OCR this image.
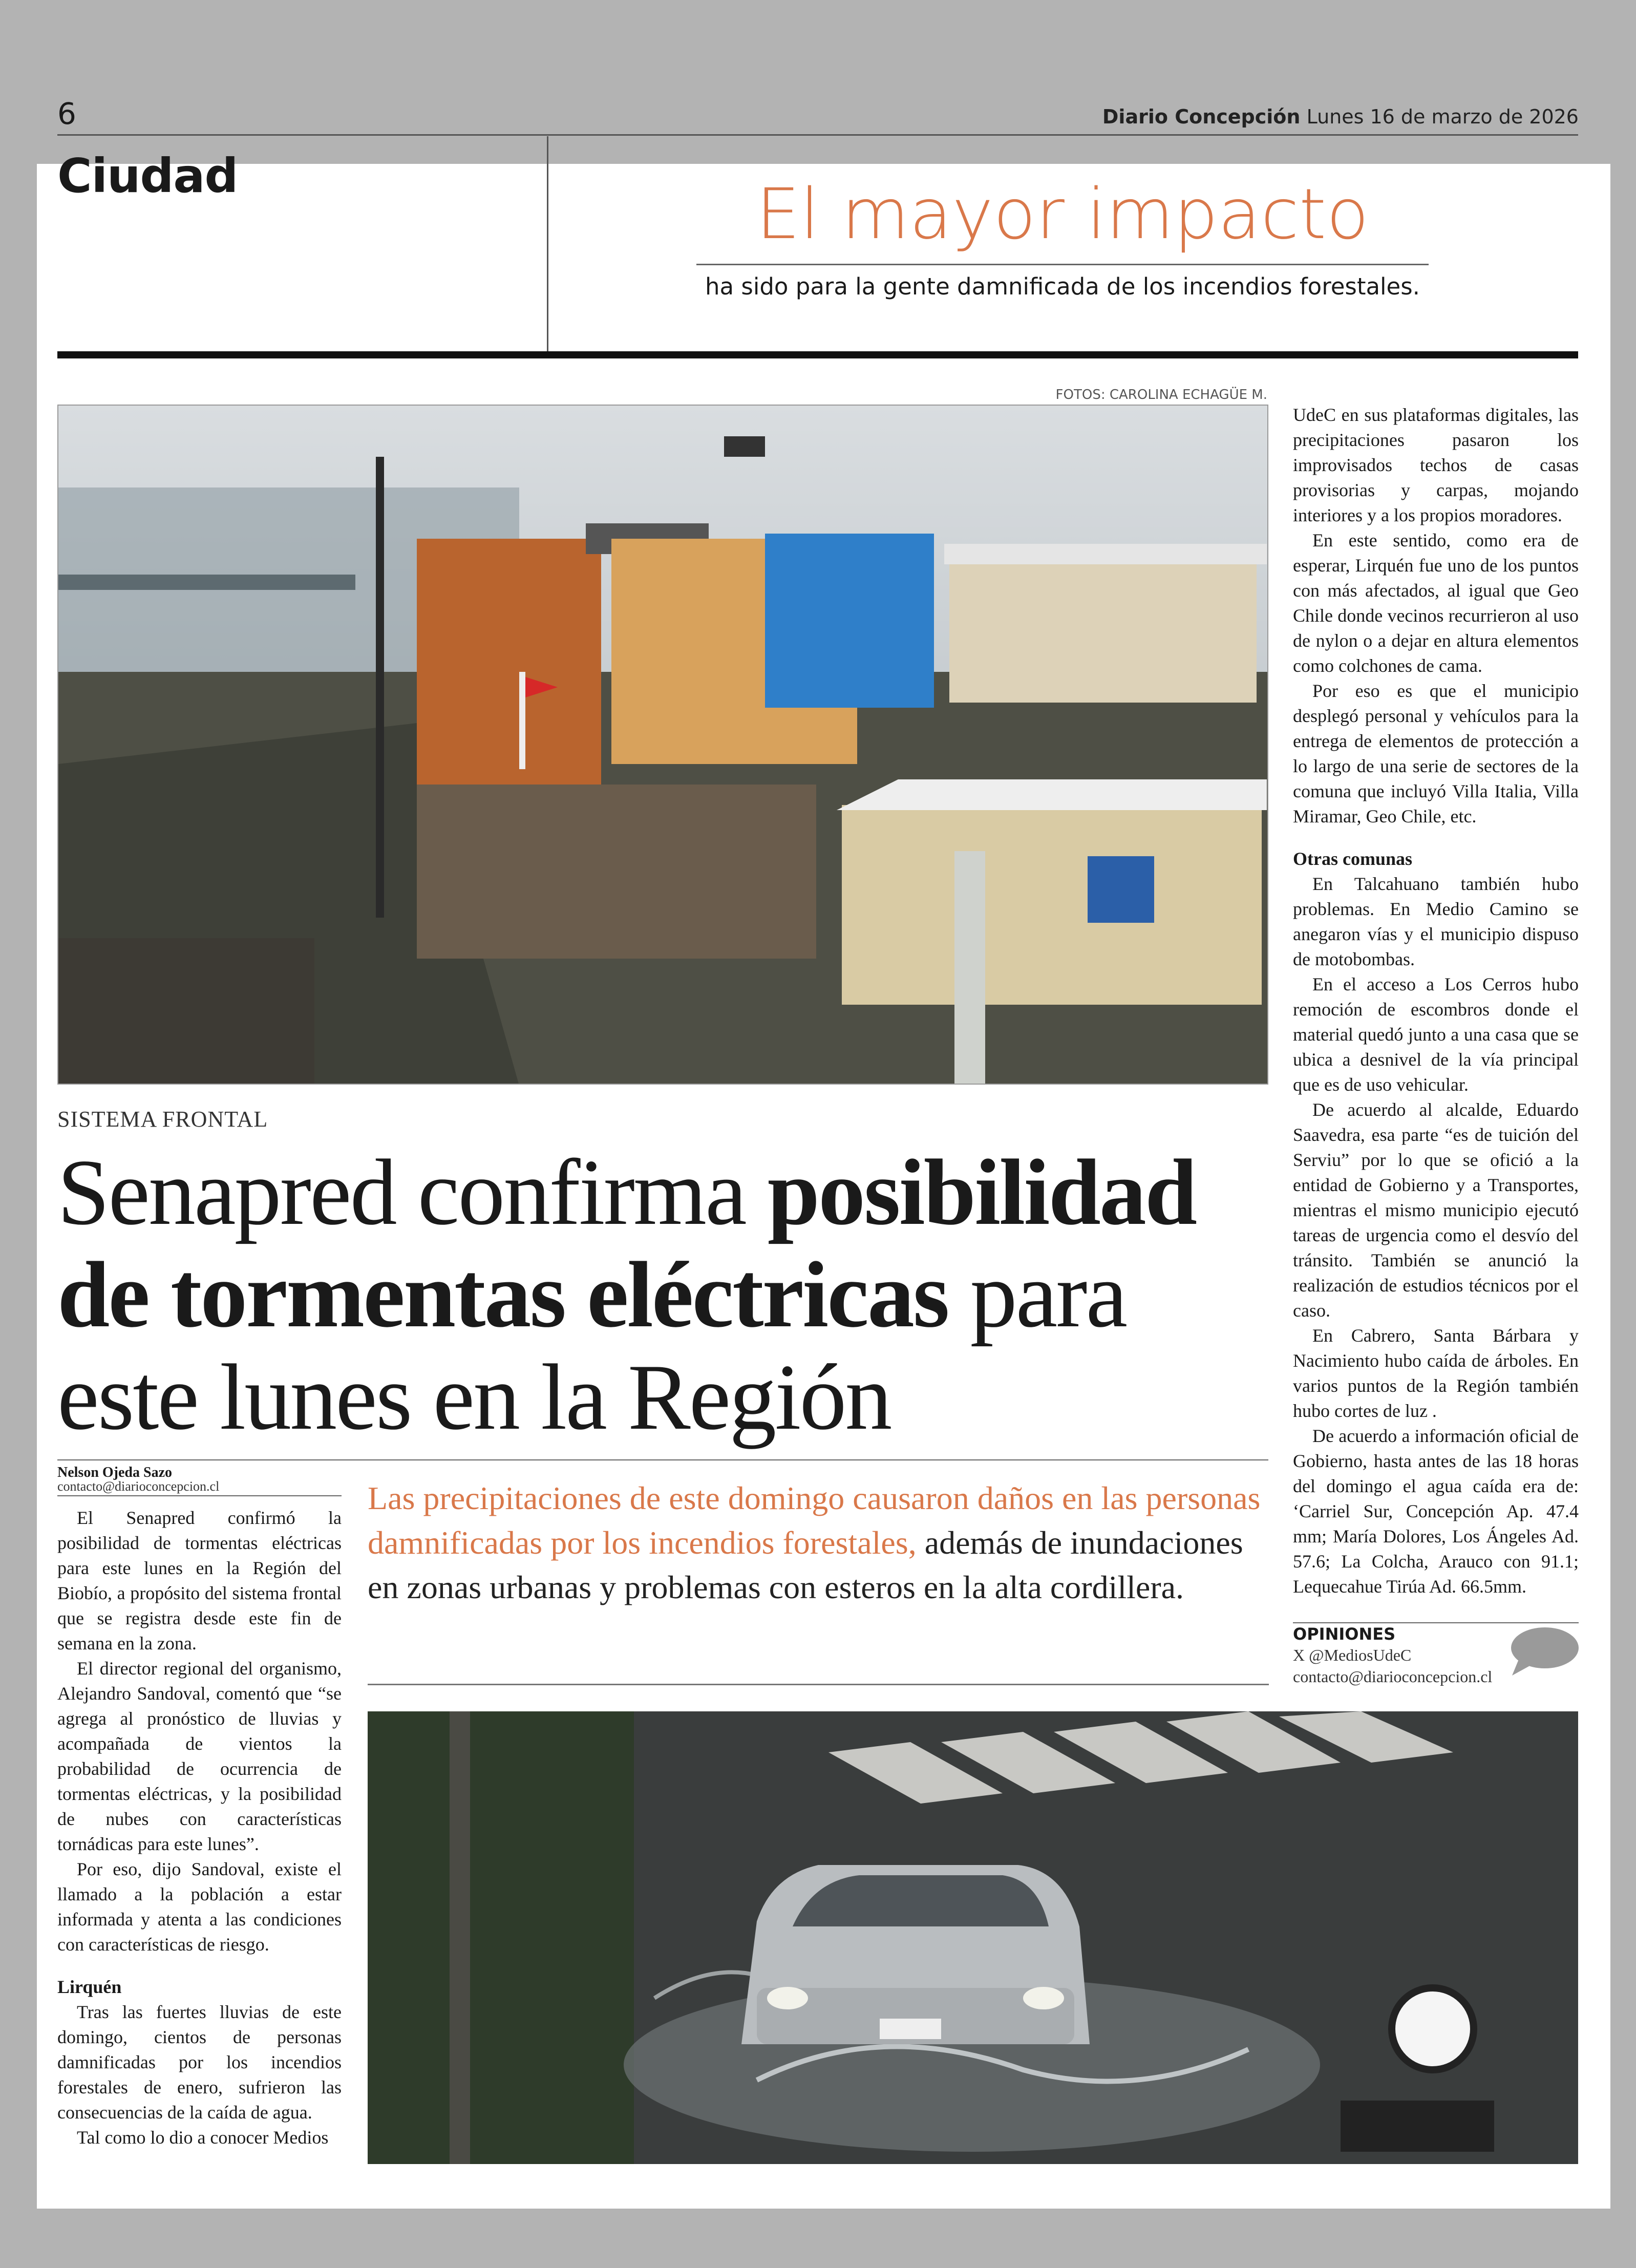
6	Diario Concepción Lunes 16 de marzo de 2026
Ciudad	El mayor impacto
ha sido para la gente damnificada de los incendios forestales.
FOTOS: CAROLINA ECHAGÜE M.
SISTEMA FRONTAL
Senapred confirma posibilidad de tormentas eléctricas para este lunes en la Región
Nelson Ojeda Sazo
contacto@diarioconcepcion.cl

El Senapred confirmó la posibilidad de tormentas eléctricas para este lunes en la Región del Biobío, a propósito del sistema frontal que se registra desde este fin de semana en la zona.

El director regional del organismo, Alejandro Sandoval, comentó que “se agrega al pronóstico de lluvias y acompañada de vientos la probabilidad de ocurrencia de tormentas eléctricas, y la posibilidad de nubes con características tornádicas para este lunes”.

Por eso, dijo Sandoval, existe el llamado a la población a estar informada y atenta a las condiciones con características de riesgo.

Lirquén

Tras las fuertes lluvias de este domingo, cientos de personas damnificadas por los incendios forestales de enero, sufrieron las consecuencias de la caída de agua.

Tal como lo dio a conocer Medios

Las precipitaciones de este domingo causaron daños en las personas damnificadas por los incendios forestales, además de inundaciones en zonas urbanas y problemas con esteros en la alta cordillera.

UdeC en sus plataformas digitales, las precipitaciones pasaron los improvisados techos de casas provisorias y carpas, mojando interiores y a los propios moradores.

En este sentido, como era de esperar, Lirquén fue uno de los puntos con más afectados, al igual que Geo Chile donde vecinos recurrieron al uso de nylon o a dejar en altura elementos como colchones de cama.

Por eso es que el municipio desplegó personal y vehículos para la entrega de elementos de protección a lo largo de una serie de sectores de la comuna que incluyó Villa Italia, Villa Miramar, Geo Chile, etc.

Otras comunas

En Talcahuano también hubo problemas. En Medio Camino se anegaron vías y el municipio dispuso de motobombas.

En el acceso a Los Cerros hubo remoción de escombros donde el material quedó junto a una casa que se ubica a desnivel de la vía principal que es de uso vehicular.

De acuerdo al alcalde, Eduardo Saavedra, esa parte “es de tuición del Serviu” por lo que se ofició a la entidad de Gobierno y a Transportes, mientras el mismo municipio ejecutó tareas de urgencia como el desvío del tránsito. También se anunció la realización de estudios técnicos por el caso.

En Cabrero, Santa Bárbara y Nacimiento hubo caída de árboles. En varios puntos de la Región también hubo cortes de luz .

De acuerdo a información oficial de Gobierno, hasta antes de las 18 horas del domingo el agua caída era de: ‘Carriel Sur, Concepción Ap. 47.4 mm; María Dolores, Los Ángeles Ad. 57.6; La Colcha, Arauco con 91.1; Lequecahue Tirúa Ad. 66.5mm.

OPINIONES
X @MediosUdeC
contacto@diarioconcepcion.cl
